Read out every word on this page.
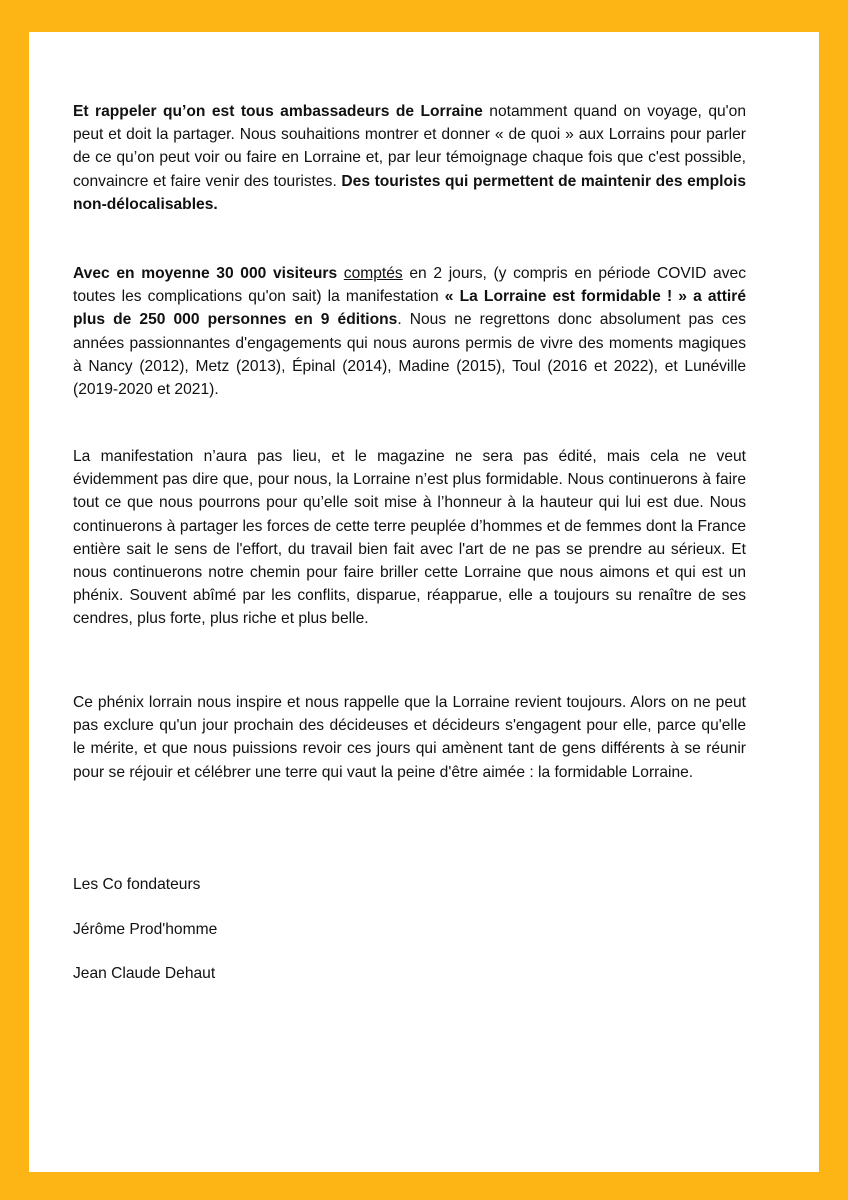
Et rappeler qu’on est tous ambassadeurs de Lorraine notamment quand on voyage, qu'on peut et doit la partager. Nous souhaitions montrer et donner « de quoi » aux Lorrains pour parler de ce qu’on peut voir ou faire en Lorraine et, par leur témoignage chaque fois que c'est possible, convaincre et faire venir des touristes. Des touristes qui permettent de maintenir des emplois non-délocalisables.
Avec en moyenne 30 000 visiteurs comptés en 2 jours, (y compris en période COVID avec toutes les complications qu'on sait) la manifestation « La Lorraine est formidable ! » a attiré plus de 250 000 personnes en 9 éditions. Nous ne regrettons donc absolument pas ces années passionnantes d'engagements qui nous aurons permis de vivre des moments magiques à Nancy (2012), Metz (2013), Épinal (2014), Madine (2015), Toul (2016 et 2022), et Lunéville (2019-2020 et 2021).
La manifestation n’aura pas lieu, et le magazine ne sera pas édité, mais cela ne veut évidemment pas dire que, pour nous, la Lorraine n’est plus formidable. Nous continuerons à faire tout ce que nous pourrons pour qu’elle soit mise à l’honneur à la hauteur qui lui est due. Nous continuerons à partager les forces de cette terre peuplée d’hommes et de femmes dont la France entière sait le sens de l'effort, du travail bien fait avec l'art de ne pas se prendre au sérieux. Et nous continuerons notre chemin pour faire briller cette Lorraine que nous aimons et qui est un phénix. Souvent abîmé par les conflits, disparue, réapparue, elle a toujours su renaître de ses cendres, plus forte, plus riche et plus belle.
Ce phénix lorrain nous inspire et nous rappelle que la Lorraine revient toujours. Alors on ne peut pas exclure qu'un jour prochain des décideuses et décideurs s'engagent pour elle, parce qu'elle le mérite, et que nous puissions revoir ces jours qui amènent tant de gens différents à se réunir pour se réjouir et célébrer une terre qui vaut la peine d'être aimée : la formidable Lorraine.
Les Co fondateurs
Jérôme Prod'homme
Jean Claude Dehaut
